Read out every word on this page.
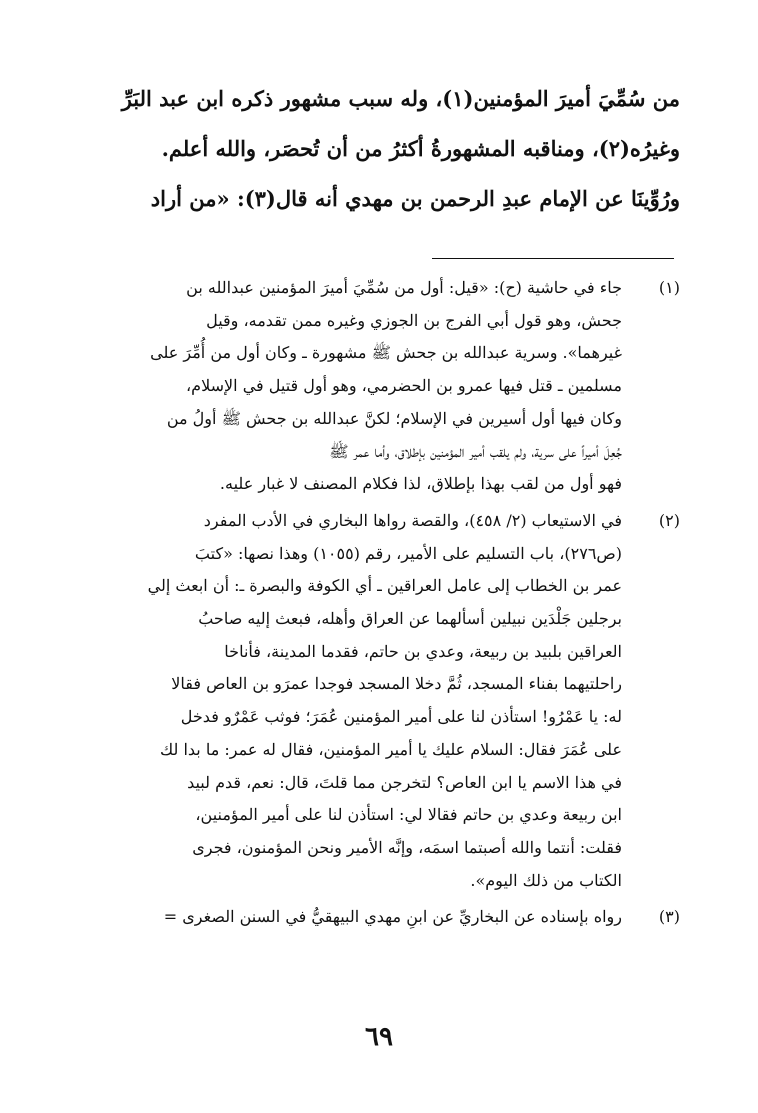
من سُمِّيَ أميرَ المؤمنين(١)، وله سبب مشهور ذكره ابن عبد البَرِّ

وغيرُه(٢)، ومناقبه المشهورةُ أكثرُ من أن تُحصَر، والله أعلم.

ورُوِّينَا عن الإمام عبدِ الرحمن بن مهدي أنه قال(٣): «من أراد

(١)

جاء في حاشية (ح): «قيل: أول من سُمِّيَ أميرَ المؤمنين عبدالله بن

جحش، وهو قول أبي الفرج بن الجوزي وغيره ممن تقدمه، وقيل

غيرهما». وسرية عبدالله بن جحش ﷺ مشهورة ـ وكان أول من أُمِّرَ على

مسلمين ـ قتل فيها عمرو بن الحضرمي، وهو أول قتيل في الإسلام،

وكان فيها أول أسيرين في الإسلام؛ لكنَّ عبدالله بن جحش ﷺ أولُ من

جُعِلَ أميراً على سرية، ولم يلقب أمير المؤمنين بإطلاق، وأما عمر ﷺ

فهو أول من لقب بهذا بإطلاق، لذا فكلام المصنف لا غبار عليه.

(٢)

في الاستيعاب (٢/ ٤٥٨)، والقصة رواها البخاري في الأدب المفرد

(ص٢٧٦)، باب التسليم على الأمير، رقم (١٠٥٥) وهذا نصها: «كتبَ

عمر بن الخطاب إلى عامل العراقين ـ أي الكوفة والبصرة ـ: أن ابعث إلي

برجلين جَلْدَين نبيلين أسألهما عن العراق وأهله، فبعث إليه صاحبُ

العراقين بلبيد بن ربيعة، وعدي بن حاتم، فقدما المدينة، فأناخا

راحلتيهما بفناء المسجد، ثُمَّ دخلا المسجد فوجدا عمرَو بن العاص فقالا

له: يا عَمْرُو! استأذن لنا على أمير المؤمنين عُمَرَ؛ فوثب عَمْرٌو فدخل

على عُمَرَ فقال: السلام عليك يا أمير المؤمنين، فقال له عمر: ما بدا لك

في هذا الاسم يا ابن العاص؟ لتخرجن مما قلتَ، قال: نعم، قدم لبيد

ابن ربيعة وعدي بن حاتم فقالا لي: استأذن لنا على أمير المؤمنين،

فقلت: أنتما والله أصبتما اسمَه، وإنَّه الأمير ونحن المؤمنون، فجرى

الكتاب من ذلك اليوم».

(٣)

رواه بإسناده عن البخاريِّ عن ابنِ مهدي البيهقيُّ في السنن الصغرى =

٦٩
